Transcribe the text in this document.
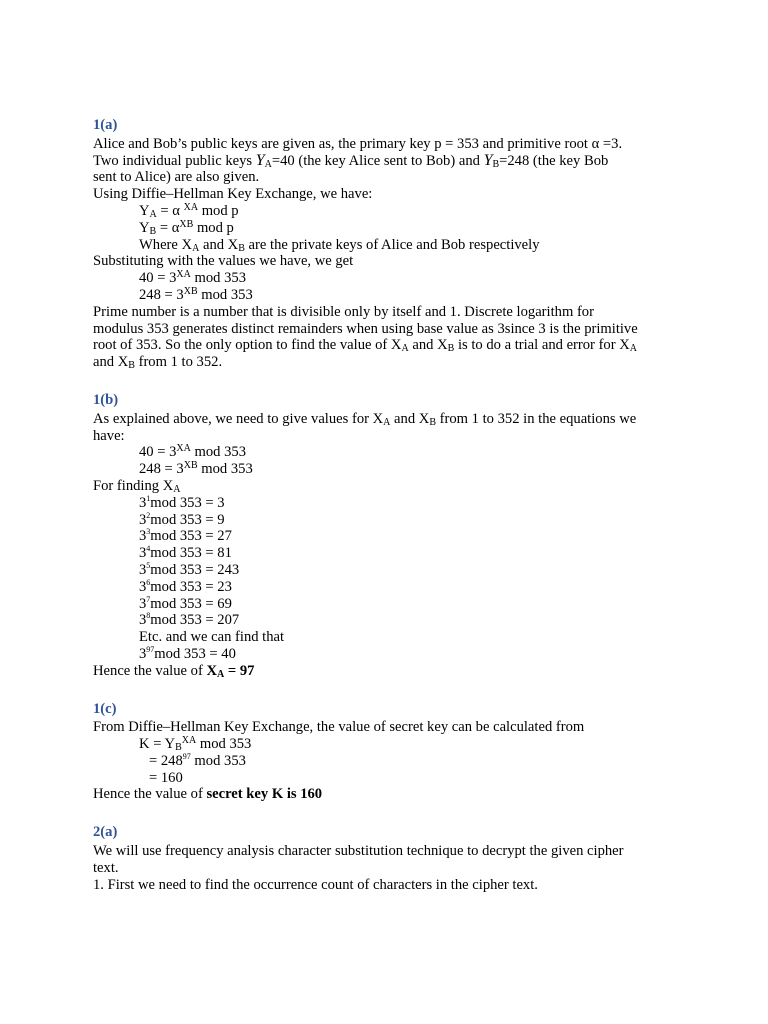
1(a)

Alice and Bob’s public keys are given as, the primary key p = 353 and primitive root α =3.

Two individual public keys $Y_A=40$ (the key Alice sent to Bob) and $Y_B=248$ (the key Bob

sent to Alice) are also given.

Using Diffie–Hellman Key Exchange, we have:

$Y_A = \alpha$ $^{XA}$ mod p

$Y_B = \alpha^{XB}$ mod p

Where $X_A$ and $X_B$ are the private keys of Alice and Bob respectively

Substituting with the values we have, we get

$40 = 3^{XA}$ mod 353

$248 = 3^{XB}$ mod 353

Prime number is a number that is divisible only by itself and 1. Discrete logarithm for

modulus 353 generates distinct remainders when using base value as 3since 3 is the primitive

root of 353. So the only option to find the value of $X_A$ and $X_B$ is to do a trial and error for $X_A$

and $X_B$ from 1 to 352.

1(b)

As explained above, we need to give values for $X_A$ and $X_B$ from 1 to 352 in the equations we

have:

$40 = 3^{XA}$ mod 353

$248 = 3^{XB}$ mod 353

For finding $X_A$

$3^1mod$ 353 = 3

$3^2mod$ 353 = 9

$3^3mod$ 353 = 27

$3^4mod$ 353 = 81

$3^5mod$ 353 = 243

$3^6mod$ 353 = 23

$3^7mod$ 353 = 69

$3^8mod$ 353 = 207

Etc. and we can find that

$3^{97}mod$ 353 = 40

Hence the value of $X_A = 97$

1(c)

From Diffie–Hellman Key Exchange, the value of secret key can be calculated from

$K = Y_B^{XA}$ mod 353

= $248^{97}$ mod 353

= 160

Hence the value of secret key K is 160

2(a)

We will use frequency analysis character substitution technique to decrypt the given cipher

text.

1. First we need to find the occurrence count of characters in the cipher text.
